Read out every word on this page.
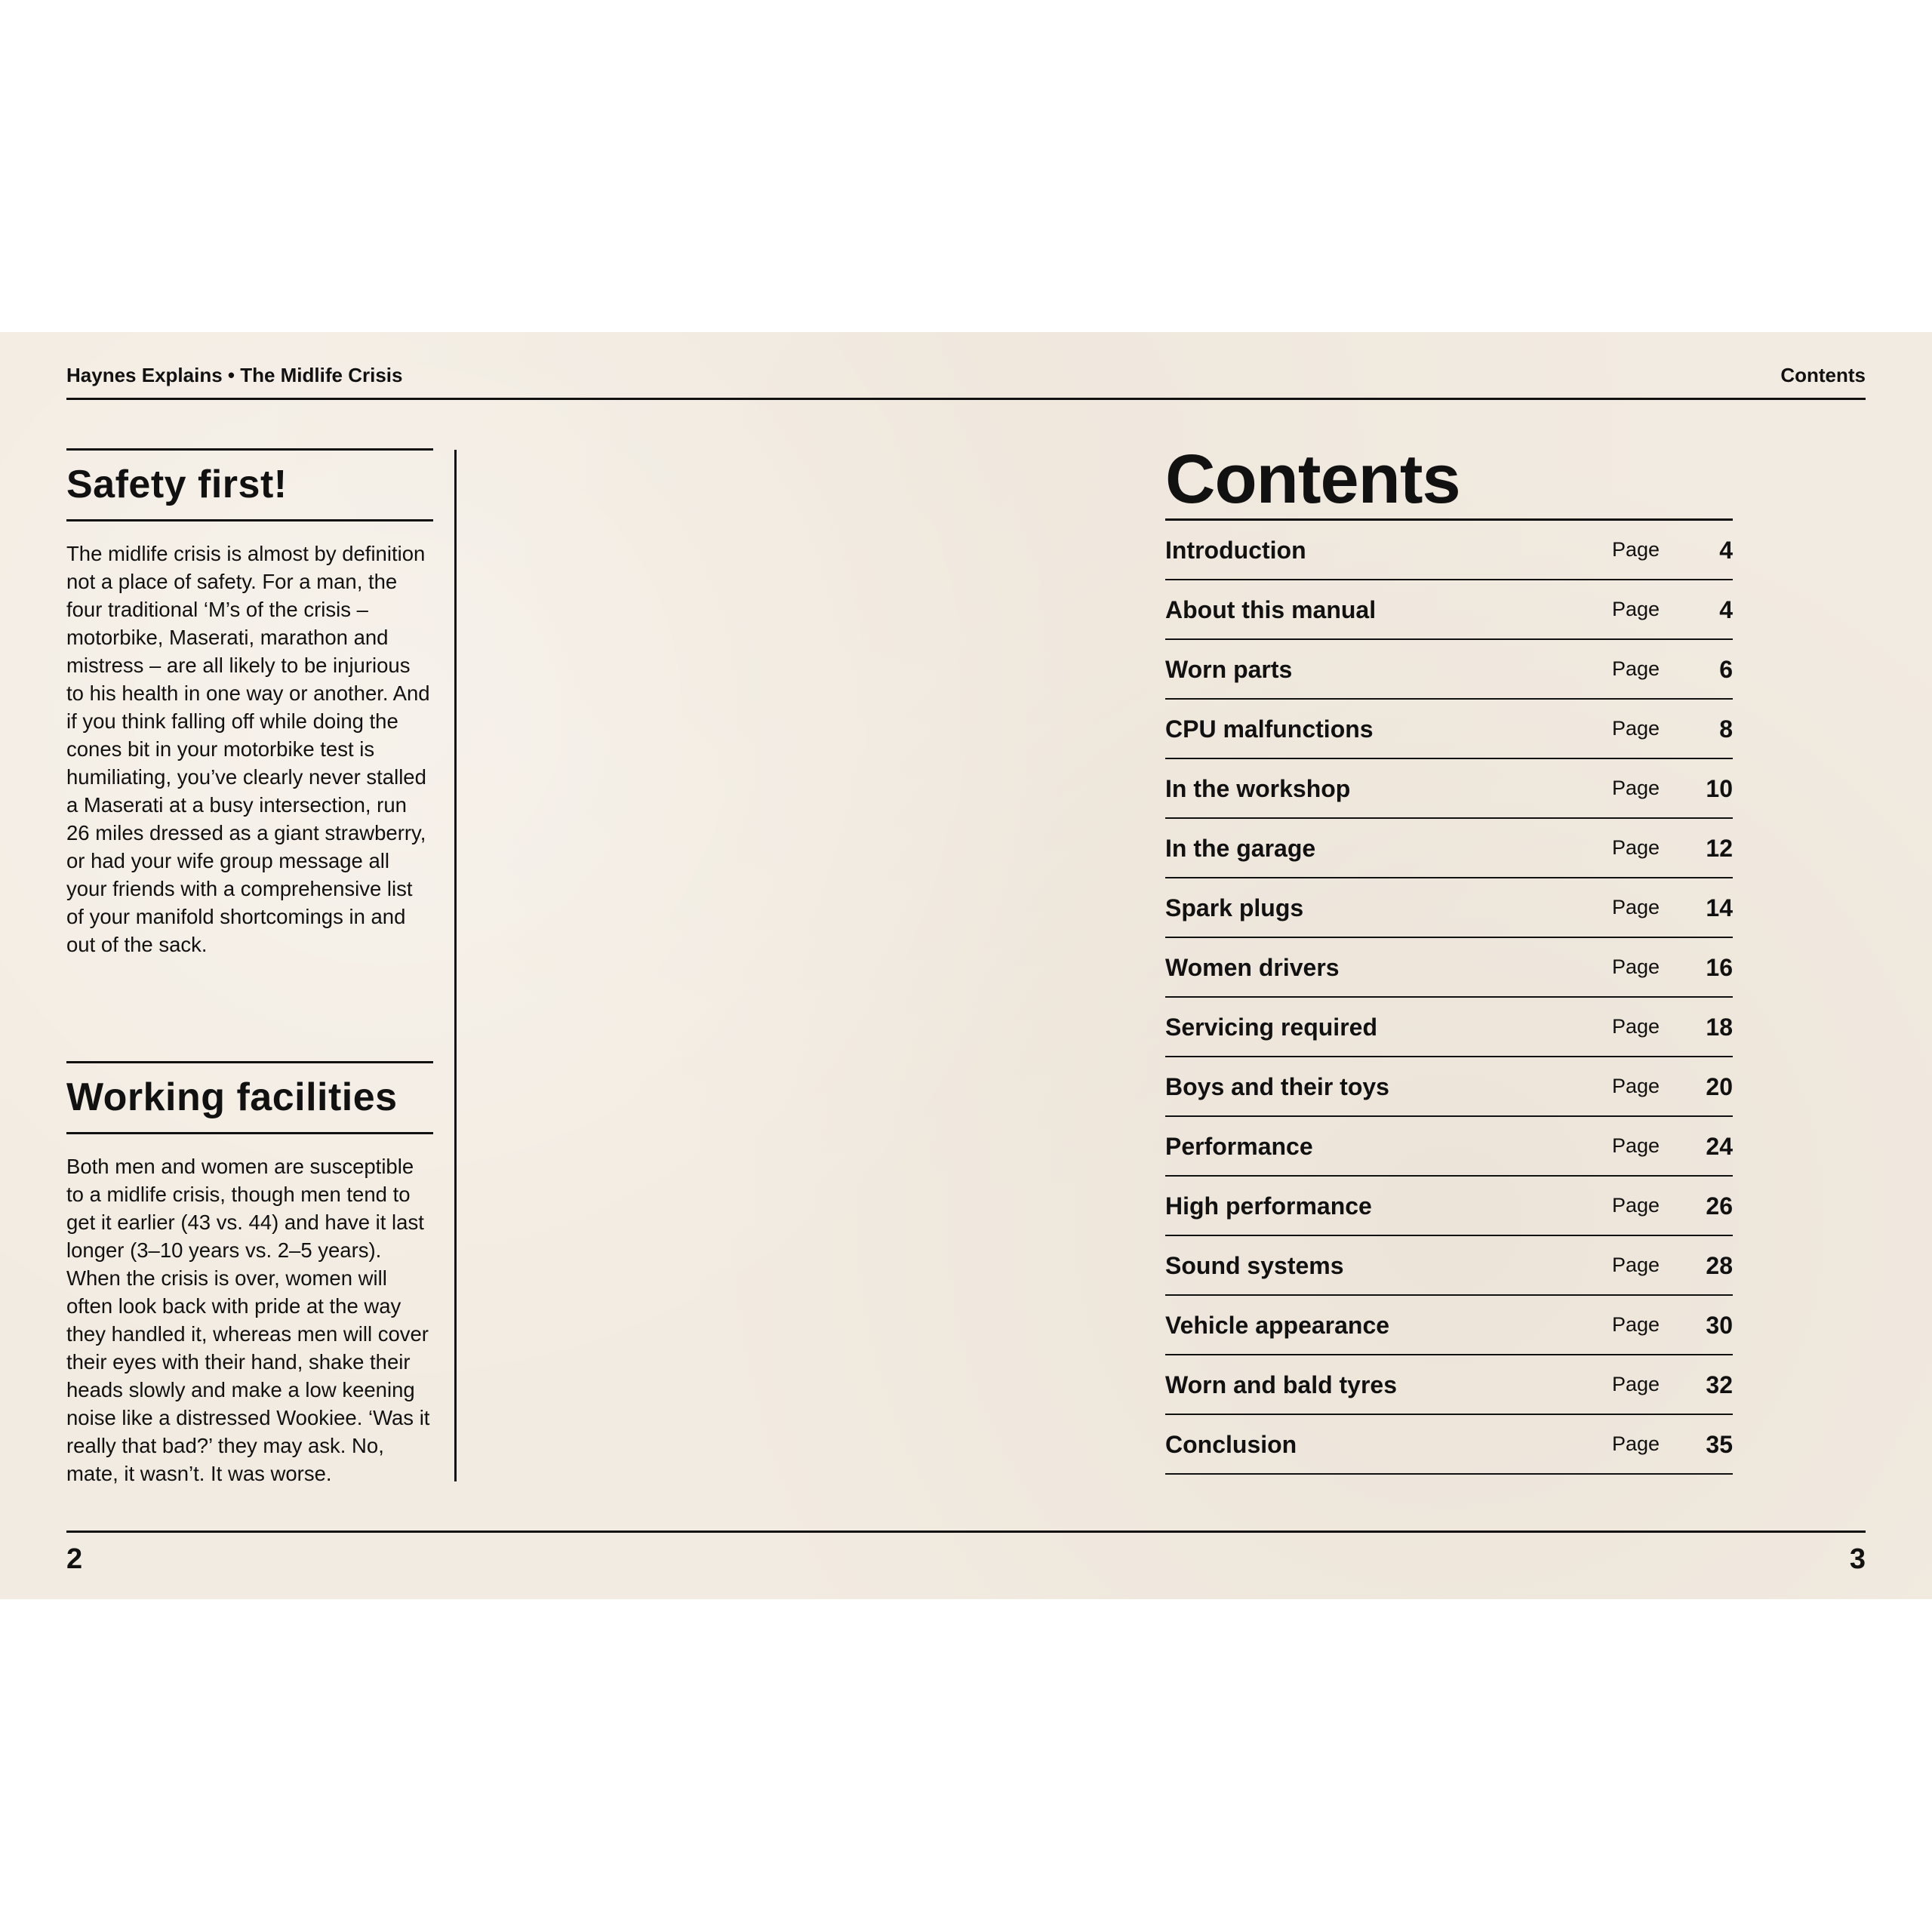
Haynes Explains • The Midlife Crisis	Contents
Safety first!

The midlife crisis is almost by definition not a place of safety. For a man, the four traditional ‘M’s of the crisis – motorbike, Maserati, marathon and mistress – are all likely to be injurious to his health in one way or another. And if you think falling off while doing the cones bit in your motorbike test is humiliating, you’ve clearly never stalled a Maserati at a busy intersection, run 26 miles dressed as a giant strawberry, or had your wife group message all your friends with a comprehensive list of your manifold shortcomings in and out of the sack.

Working facilities

Both men and women are susceptible to a midlife crisis, though men tend to get it earlier (43 vs. 44) and have it last longer (3–10 years vs. 2–5 years). When the crisis is over, women will often look back with pride at the way they handled it, whereas men will cover their eyes with their hand, shake their heads slowly and make a low keening noise like a distressed Wookiee. ‘Was it really that bad?’ they may ask. No, mate, it wasn’t. It was worse.

Contents
Introduction	Page 4
About this manual	Page 4
Worn parts	Page 6
CPU malfunctions	Page 8
In the workshop	Page 10
In the garage	Page 12
Spark plugs	Page 14
Women drivers	Page 16
Servicing required	Page 18
Boys and their toys	Page 20
Performance	Page 24
High performance	Page 26
Sound systems	Page 28
Vehicle appearance	Page 30
Worn and bald tyres	Page 32
Conclusion	Page 35
2	3
